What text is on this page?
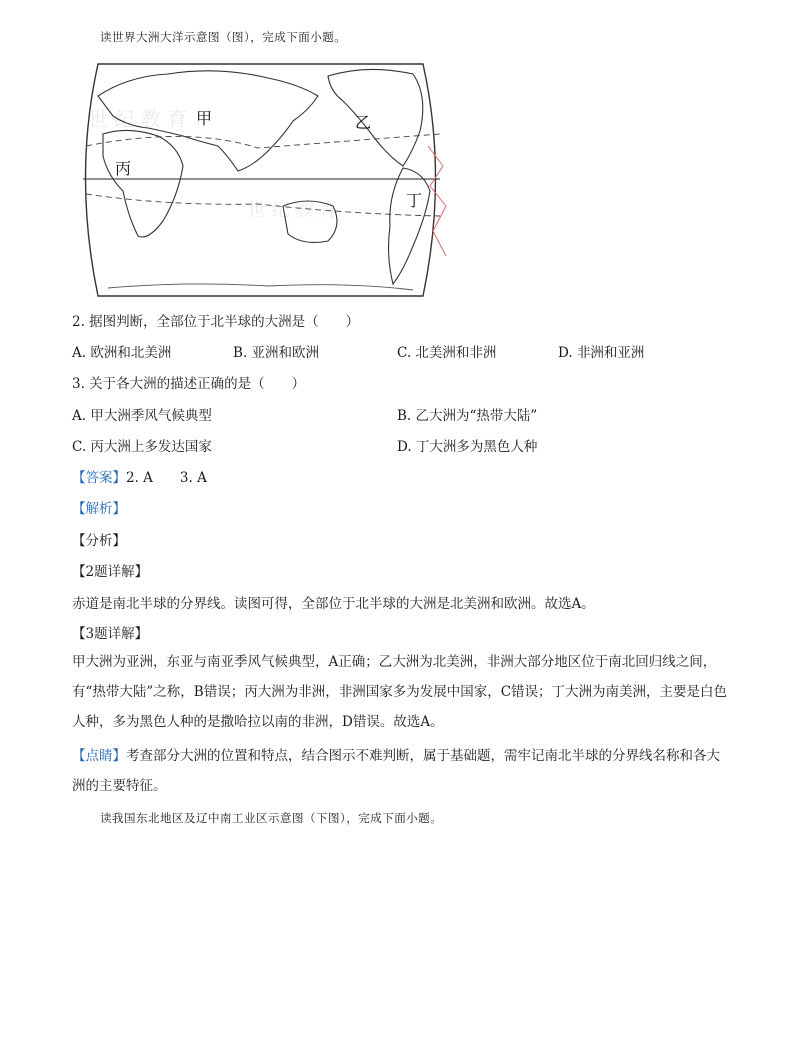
读世界大洲大洋示意图（图），完成下面小题。
世 纪 教 育
世 纪 教 育
甲	乙
丙
丁
2. 据图判断，全部位于北半球的大洲是（　　）
A. 欧洲和北美洲	B. 亚洲和欧洲	C. 北美洲和非洲	D. 非洲和亚洲
3. 关于各大洲的描述正确的是（　　）
A. 甲大洲季风气候典型	B. 乙大洲为“热带大陆”
C. 丙大洲上多发达国家	D. 丁大洲多为黑色人种
【答案】2. A　　3. A
【解析】
【分析】
【2题详解】
赤道是南北半球的分界线。读图可得，全部位于北半球的大洲是北美洲和欧洲。故选A。
【3题详解】
甲大洲为亚洲，东亚与南亚季风气候典型，A正确；乙大洲为北美洲，非洲大部分地区位于南北回归线之间，有“热带大陆”之称，B错误；丙大洲为非洲，非洲国家多为发展中国家，C错误；丁大洲为南美洲，主要是白色人种，多为黑色人种的是撒哈拉以南的非洲，D错误。故选A。
【点睛】考查部分大洲的位置和特点，结合图示不难判断，属于基础题，需牢记南北半球的分界线名称和各大洲的主要特征。
读我国东北地区及辽中南工业区示意图（下图），完成下面小题。
